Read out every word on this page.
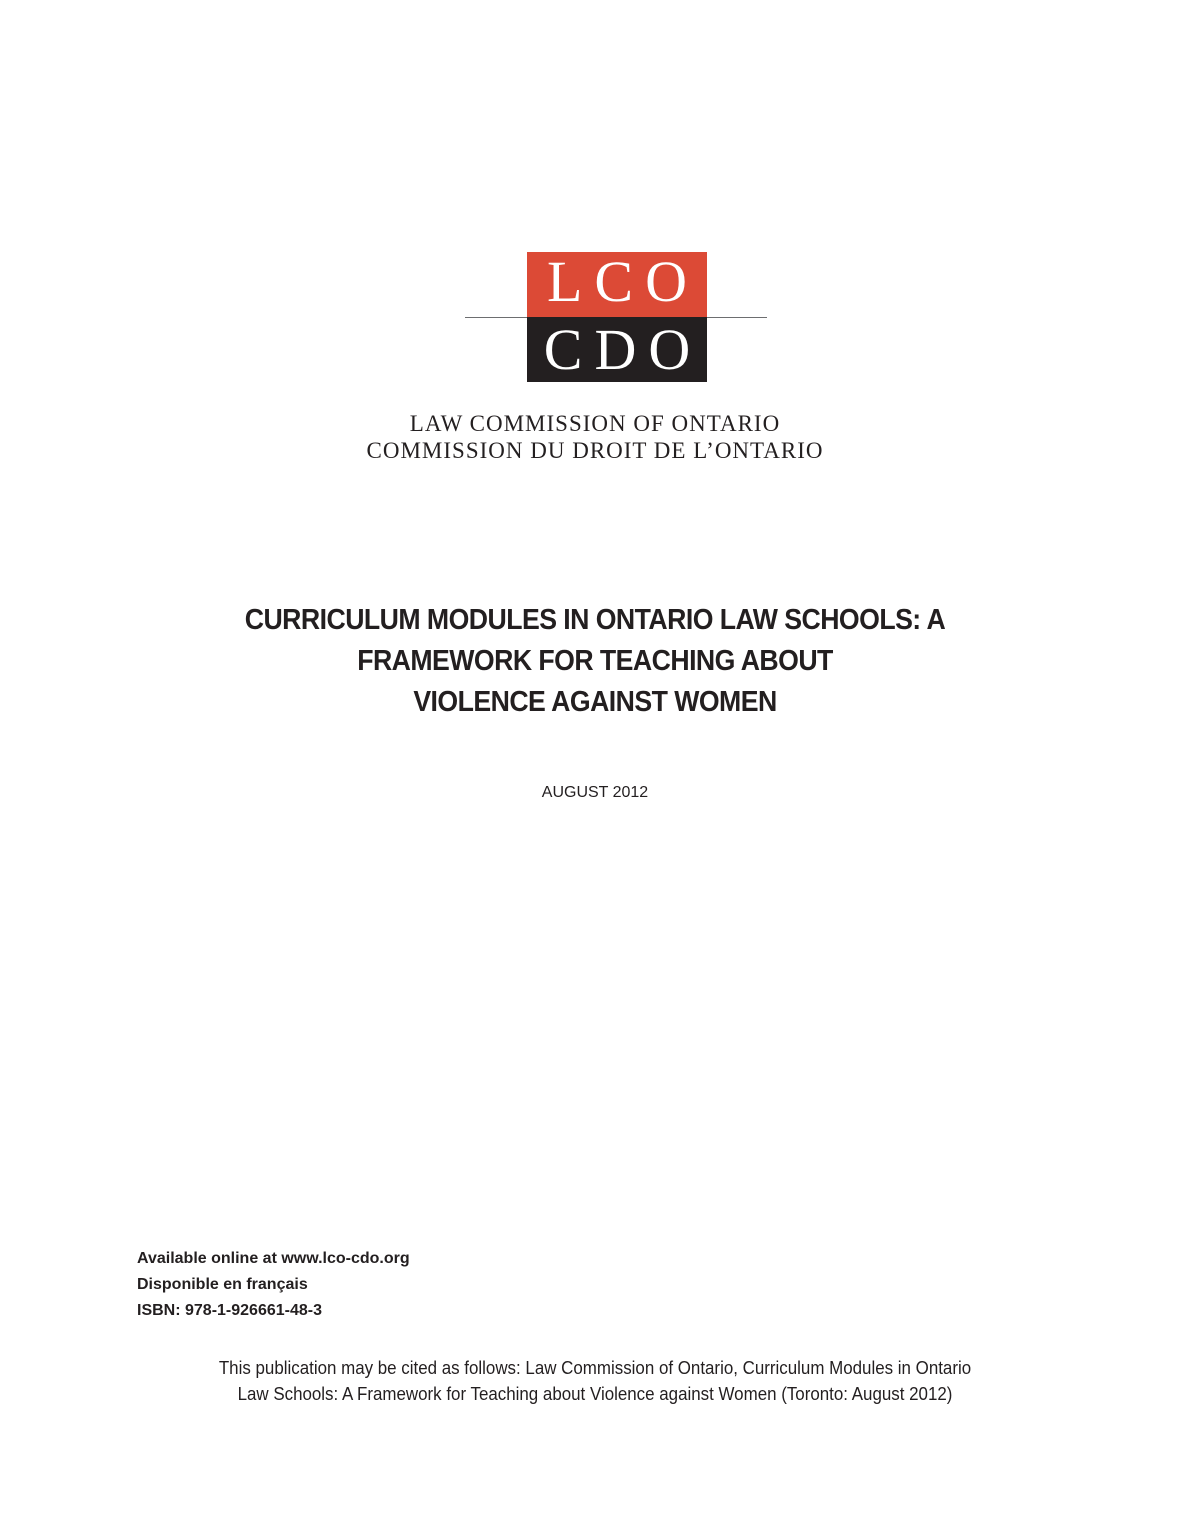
LCO
CDO
LAW COMMISSION OF ONTARIO
COMMISSION DU DROIT DE L’ONTARIO
CURRICULUM MODULES IN ONTARIO LAW SCHOOLS: A
FRAMEWORK FOR TEACHING ABOUT
VIOLENCE AGAINST WOMEN
AUGUST 2012
Available online at www.lco-cdo.org
Disponible en français
ISBN: 978-1-926661-48-3
This publication may be cited as follows: Law Commission of Ontario, Curriculum Modules in Ontario
Law Schools: A Framework for Teaching about Violence against Women (Toronto: August 2012)
